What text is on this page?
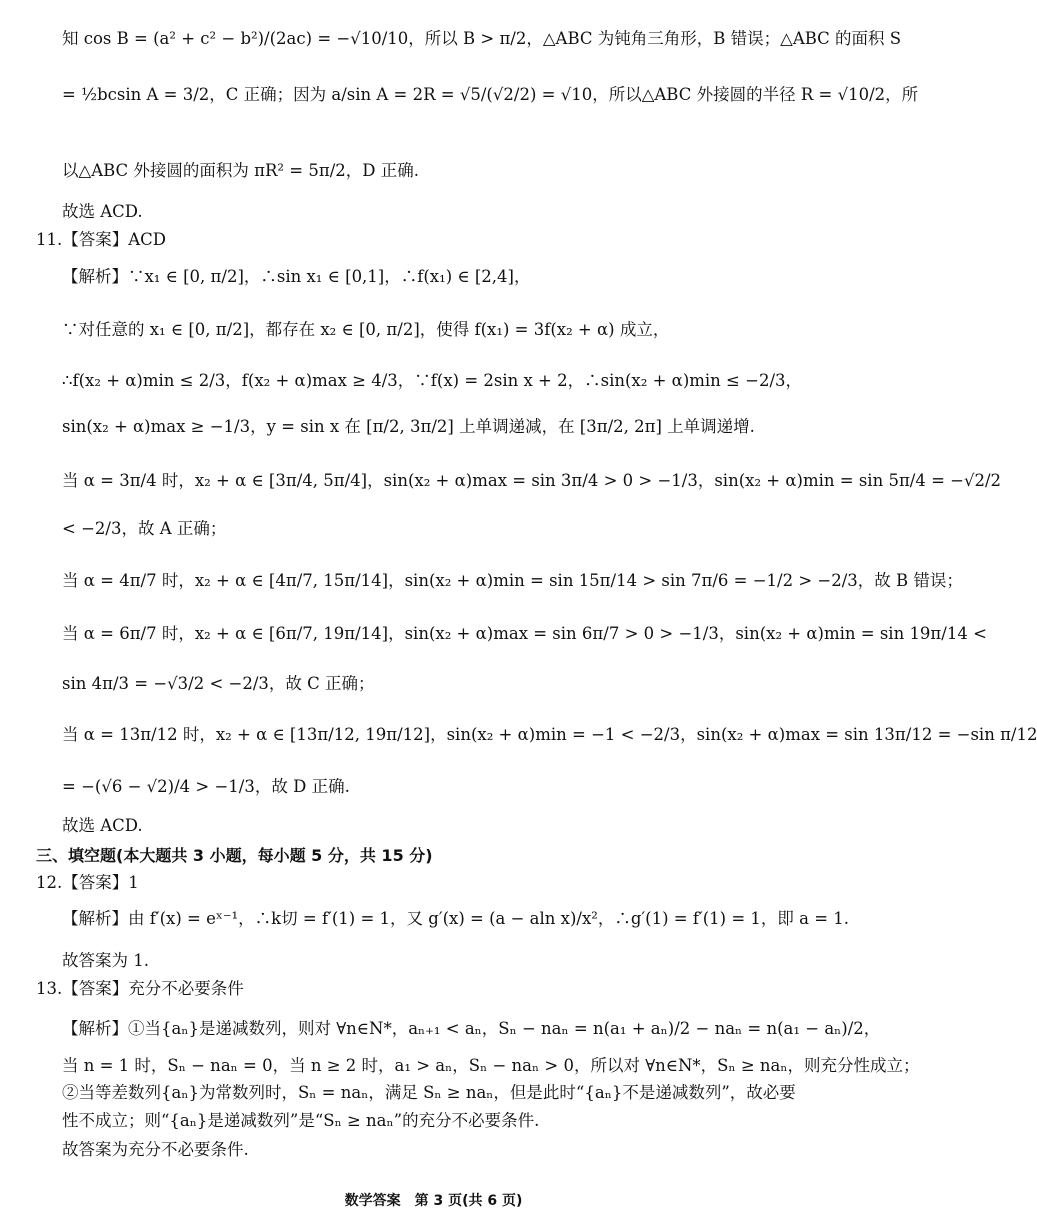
知 cos B = (a² + c² − b²)/(2ac) = −√10/10，所以 B > π/2，△ABC 为钝角三角形，B 错误；△ABC 的面积 S
= ½bcsin A = 3/2，C 正确；因为 a/sin A = 2R = √5/(√2/2) = √10，所以△ABC 外接圆的半径 R = √10/2，所
以△ABC 外接圆的面积为 πR² = 5π/2，D 正确.
故选 ACD.
11.【答案】ACD
【解析】∵x₁ ∈ [0, π/2]，∴sin x₁ ∈ [0,1]，∴f(x₁) ∈ [2,4]，
∵对任意的 x₁ ∈ [0, π/2]，都存在 x₂ ∈ [0, π/2]，使得 f(x₁) = 3f(x₂ + α) 成立，
∴f(x₂ + α)min ≤ 2/3，f(x₂ + α)max ≥ 4/3，∵f(x) = 2sin x + 2，∴sin(x₂ + α)min ≤ −2/3，
sin(x₂ + α)max ≥ −1/3，y = sin x 在 [π/2, 3π/2] 上单调递减，在 [3π/2, 2π] 上单调递增.
当 α = 3π/4 时，x₂ + α ∈ [3π/4, 5π/4]，sin(x₂ + α)max = sin 3π/4 > 0 > −1/3，sin(x₂ + α)min = sin 5π/4 = −√2/2
< −2/3，故 A 正确；
当 α = 4π/7 时，x₂ + α ∈ [4π/7, 15π/14]，sin(x₂ + α)min = sin 15π/14 > sin 7π/6 = −1/2 > −2/3，故 B 错误；
当 α = 6π/7 时，x₂ + α ∈ [6π/7, 19π/14]，sin(x₂ + α)max = sin 6π/7 > 0 > −1/3，sin(x₂ + α)min = sin 19π/14 <
sin 4π/3 = −√3/2 < −2/3，故 C 正确；
当 α = 13π/12 时，x₂ + α ∈ [13π/12, 19π/12]，sin(x₂ + α)min = −1 < −2/3，sin(x₂ + α)max = sin 13π/12 = −sin π/12
= −(√6 − √2)/4 > −1/3，故 D 正确.
故选 ACD.
三、填空题(本大题共 3 小题，每小题 5 分，共 15 分)
12.【答案】1
【解析】由 f′(x) = eˣ⁻¹，∴k切 = f′(1) = 1，又 g′(x) = (a − aln x)/x²，∴g′(1) = f′(1) = 1，即 a = 1.
故答案为 1.
13.【答案】充分不必要条件
【解析】①当{aₙ}是递减数列，则对 ∀n∈N*，aₙ₊₁ < aₙ，Sₙ − naₙ = n(a₁ + aₙ)/2 − naₙ = n(a₁ − aₙ)/2，
当 n = 1 时，Sₙ − naₙ = 0，当 n ≥ 2 时，a₁ > aₙ，Sₙ − naₙ > 0，所以对 ∀n∈N*，Sₙ ≥ naₙ，则充分性成立；
②当等差数列{aₙ}为常数列时，Sₙ = naₙ，满足 Sₙ ≥ naₙ，但是此时“{aₙ}不是递减数列”，故必要
性不成立；则“{aₙ}是递减数列”是“Sₙ ≥ naₙ”的充分不必要条件.
故答案为充分不必要条件.
数学答案　第 3 页(共 6 页)
